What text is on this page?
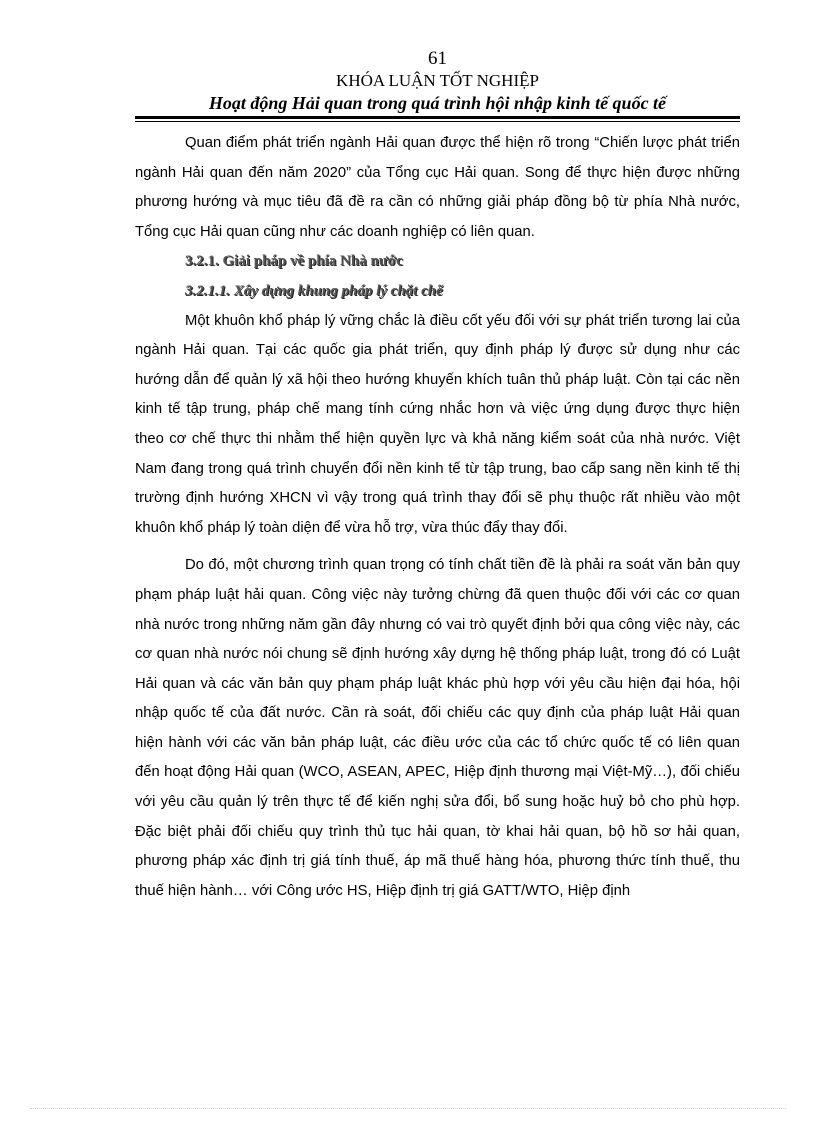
61
KHÓA LUẬN TỐT NGHIỆP
Hoạt động Hải quan trong quá trình hội nhập kinh tế quốc tế

Quan điểm phát triển ngành Hải quan được thể hiện rõ trong “Chiến lược phát triển ngành Hải quan đến năm 2020” của Tổng cục Hải quan. Song để thực hiện được những phương hướng và mục tiêu đã đề ra cần có những giải pháp đồng bộ từ phía Nhà nước, Tổng cục Hải quan cũng như các doanh nghiệp có liên quan.

3.2.1. Giải pháp về phía Nhà nước
3.2.1.1. Xây dựng khung pháp lý chặt chẽ

Một khuôn khổ pháp lý vững chắc là điều cốt yếu đối với sự phát triển tương lai của ngành Hải quan. Tại các quốc gia phát triển, quy định pháp lý được sử dụng như các hướng dẫn để quản lý xã hội theo hướng khuyến khích tuân thủ pháp luật. Còn tại các nền kinh tế tập trung, pháp chế mang tính cứng nhắc hơn và việc ứng dụng được thực hiện theo cơ chế thực thi nhằm thể hiện quyền lực và khả năng kiểm soát của nhà nước. Việt Nam đang trong quá trình chuyển đổi nền kinh tế từ tập trung, bao cấp sang nền kinh tế thị trường định hướng XHCN vì vậy trong quá trình thay đổi sẽ phụ thuộc rất nhiều vào một khuôn khổ pháp lý toàn diện để vừa hỗ trợ, vừa thúc đẩy thay đổi.

Do đó, một chương trình quan trọng có tính chất tiền đề là phải ra soát văn bản quy phạm pháp luật hải quan. Công việc này tưởng chừng đã quen thuộc đối với các cơ quan nhà nước trong những năm gần đây nhưng có vai trò quyết định bởi qua công việc này, các cơ quan nhà nước nói chung sẽ định hướng xây dựng hệ thống pháp luật, trong đó có Luật Hải quan và các văn bản quy phạm pháp luật khác phù hợp với yêu cầu hiện đại hóa, hội nhập quốc tế của đất nước. Cần rà soát, đối chiếu các quy định của pháp luật Hải quan hiện hành với các văn bản pháp luật, các điều ước của các tổ chức quốc tế có liên quan đến hoạt động Hải quan (WCO, ASEAN, APEC, Hiệp định thương mại Việt-Mỹ…), đối chiếu với yêu cầu quản lý trên thực tế để kiến nghị sửa đổi, bổ sung hoặc huỷ bỏ cho phù hợp. Đặc biệt phải đối chiếu quy trình thủ tục hải quan, tờ khai hải quan, bộ hồ sơ hải quan, phương pháp xác định trị giá tính thuế, áp mã thuế hàng hóa, phương thức tính thuế, thu thuế hiện hành… với Công ước HS, Hiệp định trị giá GATT/WTO, Hiệp định
